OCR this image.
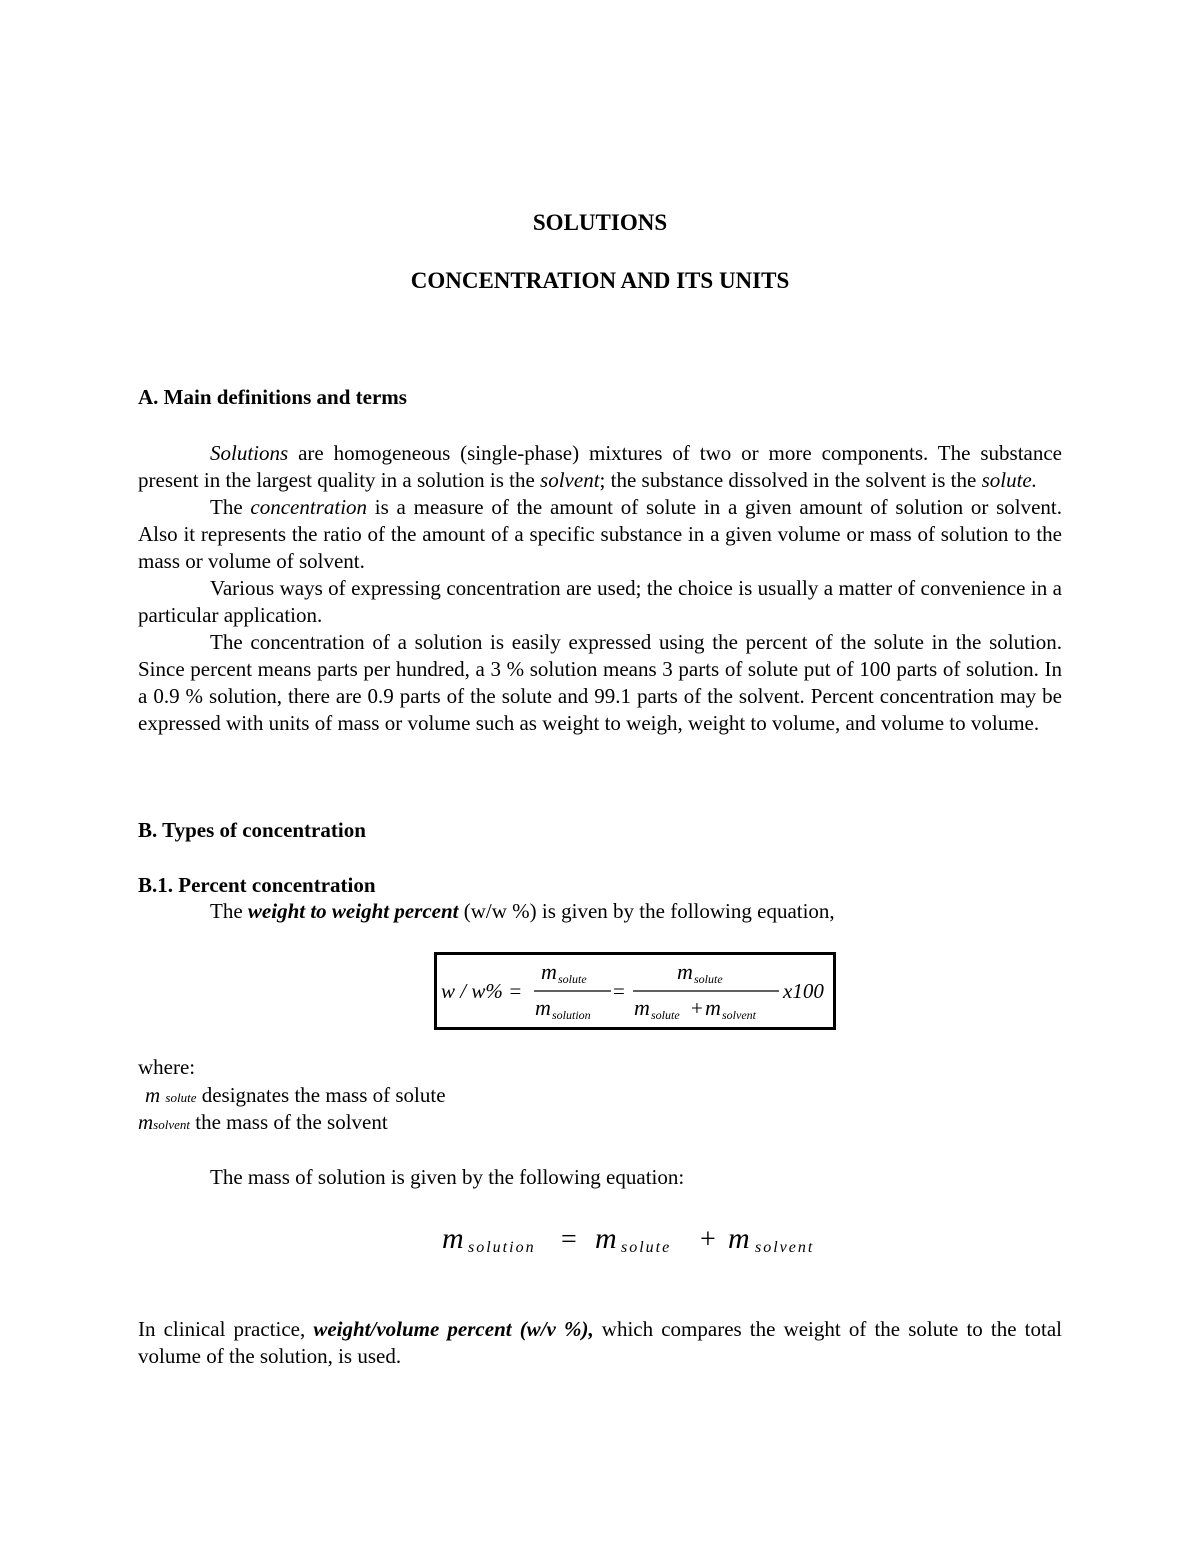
SOLUTIONS
CONCENTRATION AND ITS UNITS
A. Main definitions and terms

Solutions are homogeneous (single-phase) mixtures of two or more components. The substance present in the largest quality in a solution is the solvent; the substance dissolved in the solvent is the solute.

The concentration is a measure of the amount of solute in a given amount of solution or solvent. Also it represents the ratio of the amount of a specific substance in a given volume or mass of solution to the mass or volume of solvent.

Various ways of expressing concentration are used; the choice is usually a matter of convenience in a particular application.

The concentration of a solution is easily expressed using the percent of the solute in the solution. Since percent means parts per hundred, a 3 % solution means 3 parts of solute put of 100 parts of solution. In a 0.9 % solution, there are 0.9 parts of the solute and 99.1 parts of the solvent. Percent concentration may be expressed with units of mass or volume such as weight to weigh, weight to volume, and volume to volume.

B. Types of concentration
B.1. Percent concentration
The weight to weight percent (w/w %) is given by the following equation,
w / w% =
m solute
m solution
=
m solute
m solute + m solvent
x100
where:
m solute designates the mass of solute
msolvent the mass of the solvent
The mass of solution is given by the following equation:
m solution = m solute + m solvent
In clinical practice, weight/volume percent (w/v %), which compares the weight of the solute to the total volume of the solution, is used.
